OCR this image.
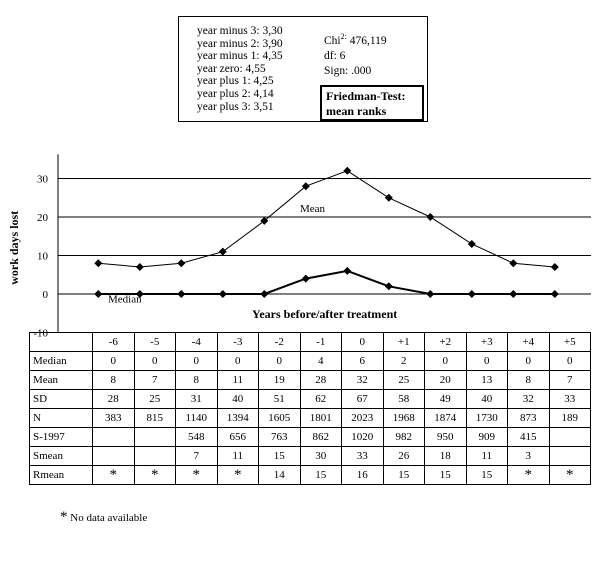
year minus 3: 3,30
year minus 2: 3,90
year minus 1: 4,35
year zero: 4,55
year plus 1: 4,25
year plus 2: 4,14
year plus 3: 3,51
Chi$^{2:}$ 476,119
df: 6
Sign: .000
Friedman-Test:
mean ranks
-10
0
10
20
30
work days lost
Years before/after treatment
Mean
Median
	-6	-5	-4	-3	-2	-1	0	+1	+2	+3	+4	+5
Median	0	0	0	0	0	4	6	2	0	0	0	0
Mean	8	7	8	11	19	28	32	25	20	13	8	7
SD	28	25	31	40	51	62	67	58	49	40	32	33
N	383	815	1140	1394	1605	1801	2023	1968	1874	1730	873	189
S-1997			548	656	763	862	1020	982	950	909	415	
Smean			7	11	15	30	33	26	18	11	3	
Rmean	*	*	*	*	14	15	16	15	15	15	*	*
* No data available
